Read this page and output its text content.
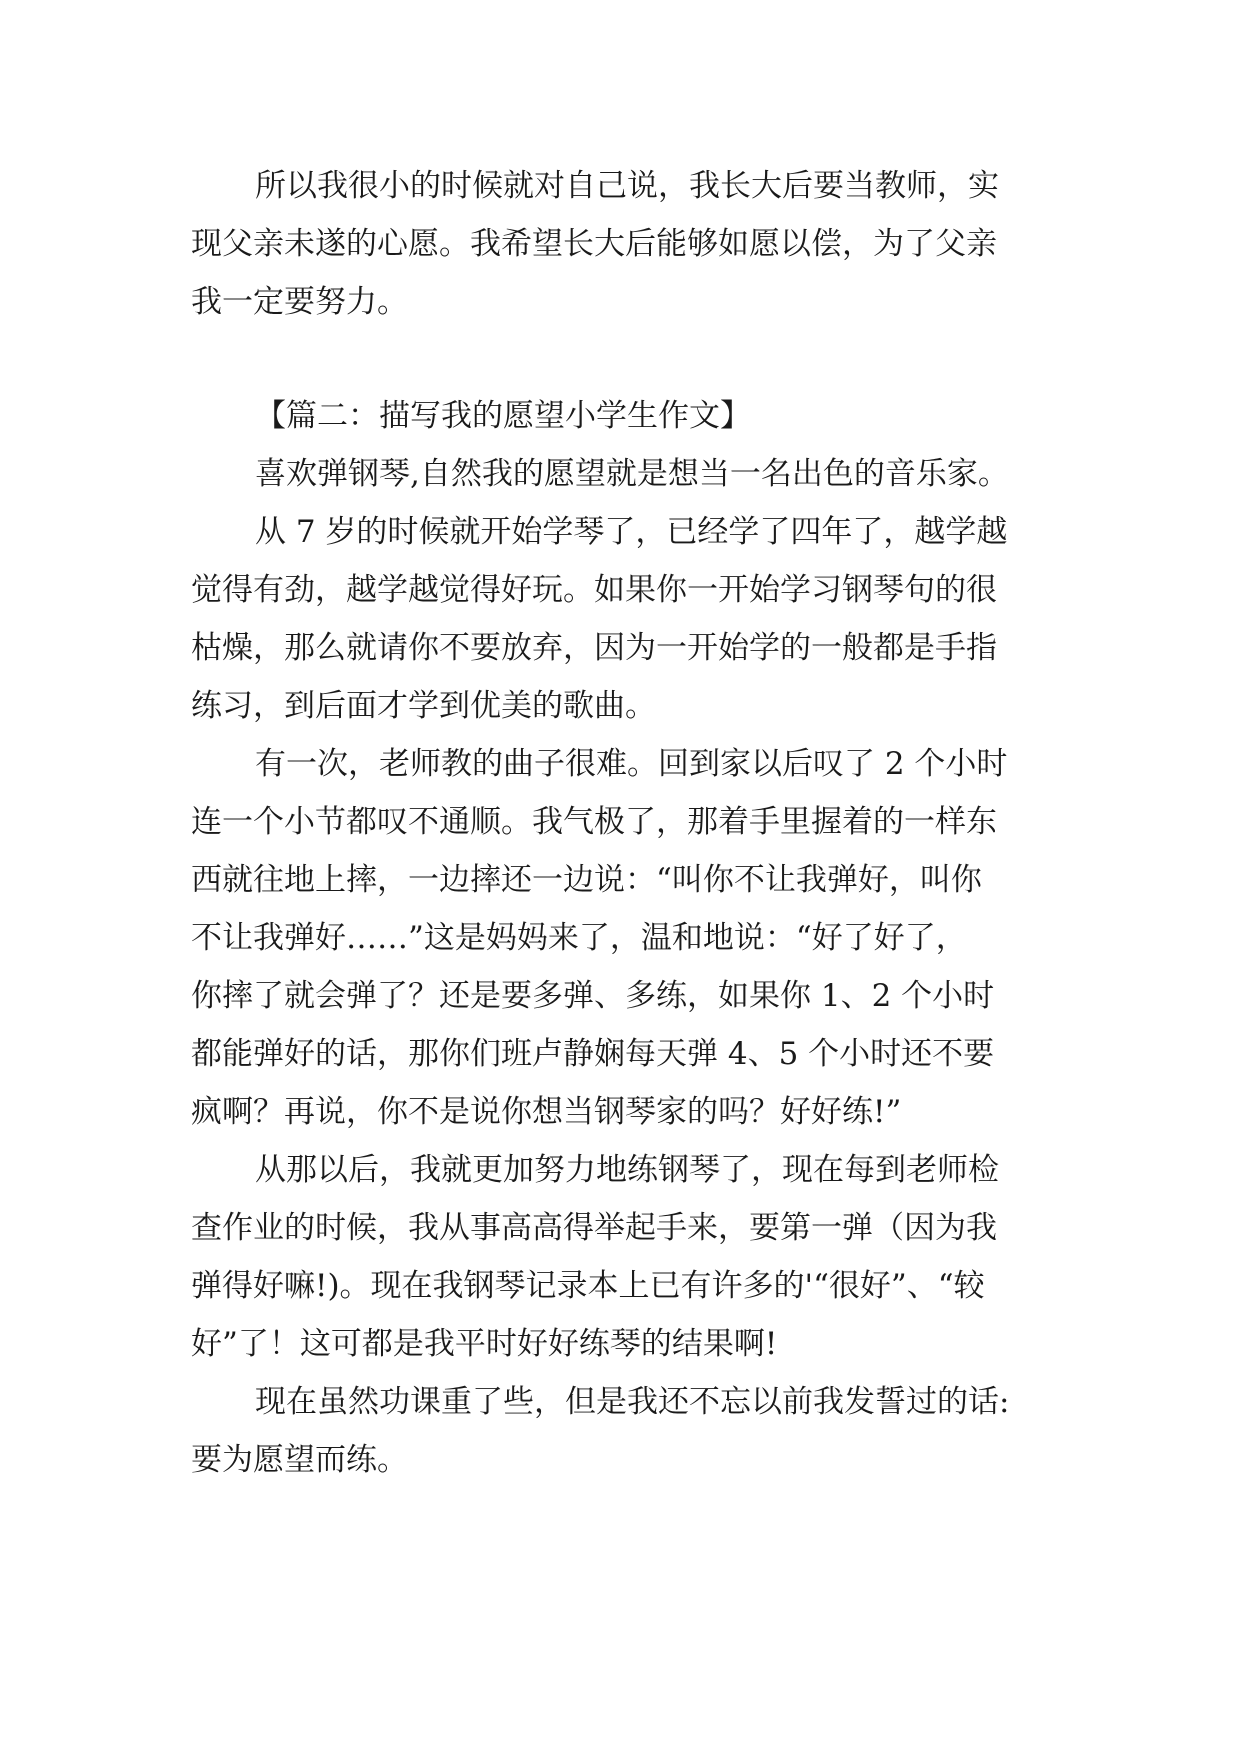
所以我很小的时候就对自己说，我长大后要当教师，实

现父亲未遂的心愿。我希望长大后能够如愿以偿，为了父亲

我一定要努力。

【篇二：描写我的愿望小学生作文】

喜欢弹钢琴,自然我的愿望就是想当一名出色的音乐家。

从 7 岁的时候就开始学琴了，已经学了四年了，越学越

觉得有劲，越学越觉得好玩。如果你一开始学习钢琴句的很

枯燥，那么就请你不要放弃，因为一开始学的一般都是手指

练习，到后面才学到优美的歌曲。

有一次，老师教的曲子很难。回到家以后叹了 2 个小时

连一个小节都叹不通顺。我气极了，那着手里握着的一样东

西就往地上摔，一边摔还一边说：“叫你不让我弹好，叫你

不让我弹好……”这是妈妈来了，温和地说：“好了好了，

你摔了就会弹了？还是要多弹、多练，如果你 1、2 个小时

都能弹好的话，那你们班卢静娴每天弹 4、5 个小时还不要

疯啊？再说，你不是说你想当钢琴家的吗？好好练!”

从那以后，我就更加努力地练钢琴了，现在每到老师检

查作业的时候，我从事高高得举起手来，要第一弹（因为我

弹得好嘛!)。现在我钢琴记录本上已有许多的'“很好”、“较

好”了！这可都是我平时好好练琴的结果啊!

现在虽然功课重了些，但是我还不忘以前我发誓过的话:

要为愿望而练。
